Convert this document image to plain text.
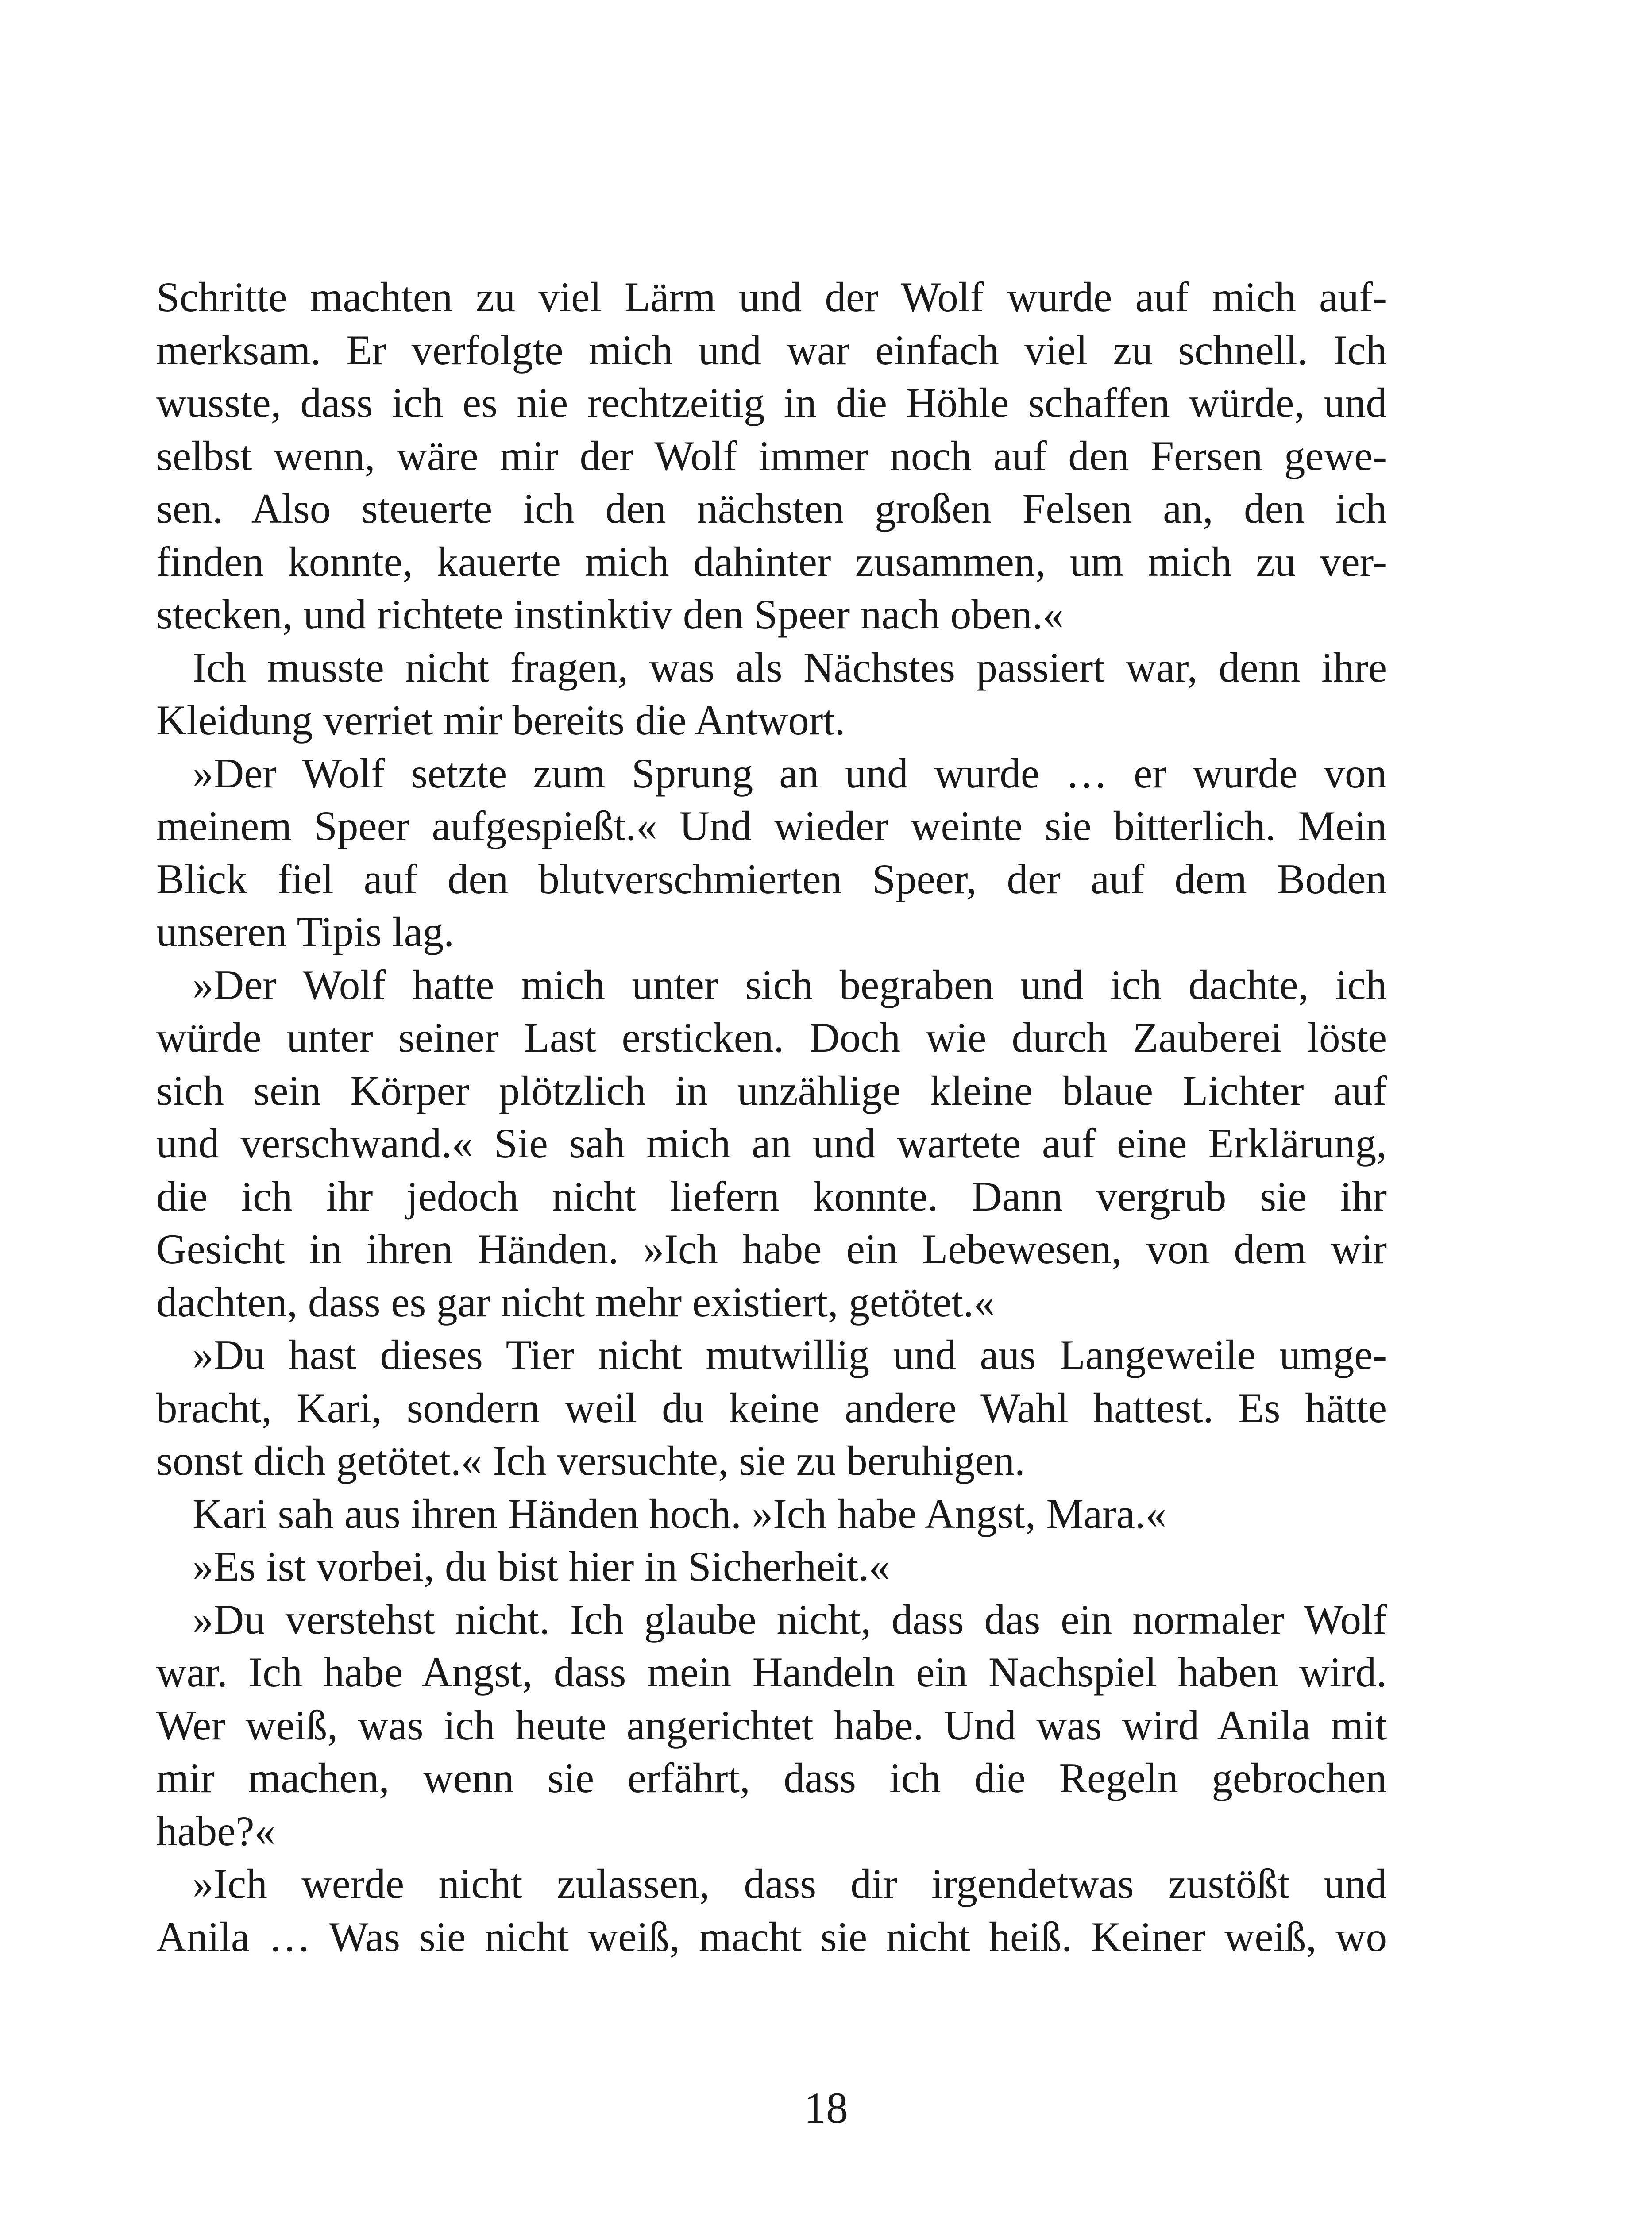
Schritte machten zu viel Lärm und der Wolf wurde auf mich auf-
merksam. Er verfolgte mich und war einfach viel zu schnell. Ich
wusste, dass ich es nie rechtzeitig in die Höhle schaffen würde, und
selbst wenn, wäre mir der Wolf immer noch auf den Fersen gewe-
sen. Also steuerte ich den nächsten großen Felsen an, den ich
finden konnte, kauerte mich dahinter zusammen, um mich zu ver-
stecken, und richtete instinktiv den Speer nach oben.«
Ich musste nicht fragen, was als Nächstes passiert war, denn ihre
Kleidung verriet mir bereits die Antwort.
»Der Wolf setzte zum Sprung an und wurde … er wurde von
meinem Speer aufgespießt.« Und wieder weinte sie bitterlich. Mein
Blick fiel auf den blutverschmierten Speer, der auf dem Boden
unseren Tipis lag.
»Der Wolf hatte mich unter sich begraben und ich dachte, ich
würde unter seiner Last ersticken. Doch wie durch Zauberei löste
sich sein Körper plötzlich in unzählige kleine blaue Lichter auf
und verschwand.« Sie sah mich an und wartete auf eine Erklärung,
die ich ihr jedoch nicht liefern konnte. Dann vergrub sie ihr
Gesicht in ihren Händen. »Ich habe ein Lebewesen, von dem wir
dachten, dass es gar nicht mehr existiert, getötet.«
»Du hast dieses Tier nicht mutwillig und aus Langeweile umge-
bracht, Kari, sondern weil du keine andere Wahl hattest. Es hätte
sonst dich getötet.« Ich versuchte, sie zu beruhigen.
Kari sah aus ihren Händen hoch. »Ich habe Angst, Mara.«
»Es ist vorbei, du bist hier in Sicherheit.«
»Du verstehst nicht. Ich glaube nicht, dass das ein normaler Wolf
war. Ich habe Angst, dass mein Handeln ein Nachspiel haben wird.
Wer weiß, was ich heute angerichtet habe. Und was wird Anila mit
mir machen, wenn sie erfährt, dass ich die Regeln gebrochen
habe?«
»Ich werde nicht zulassen, dass dir irgendetwas zustößt und
Anila … Was sie nicht weiß, macht sie nicht heiß. Keiner weiß, wo
18
